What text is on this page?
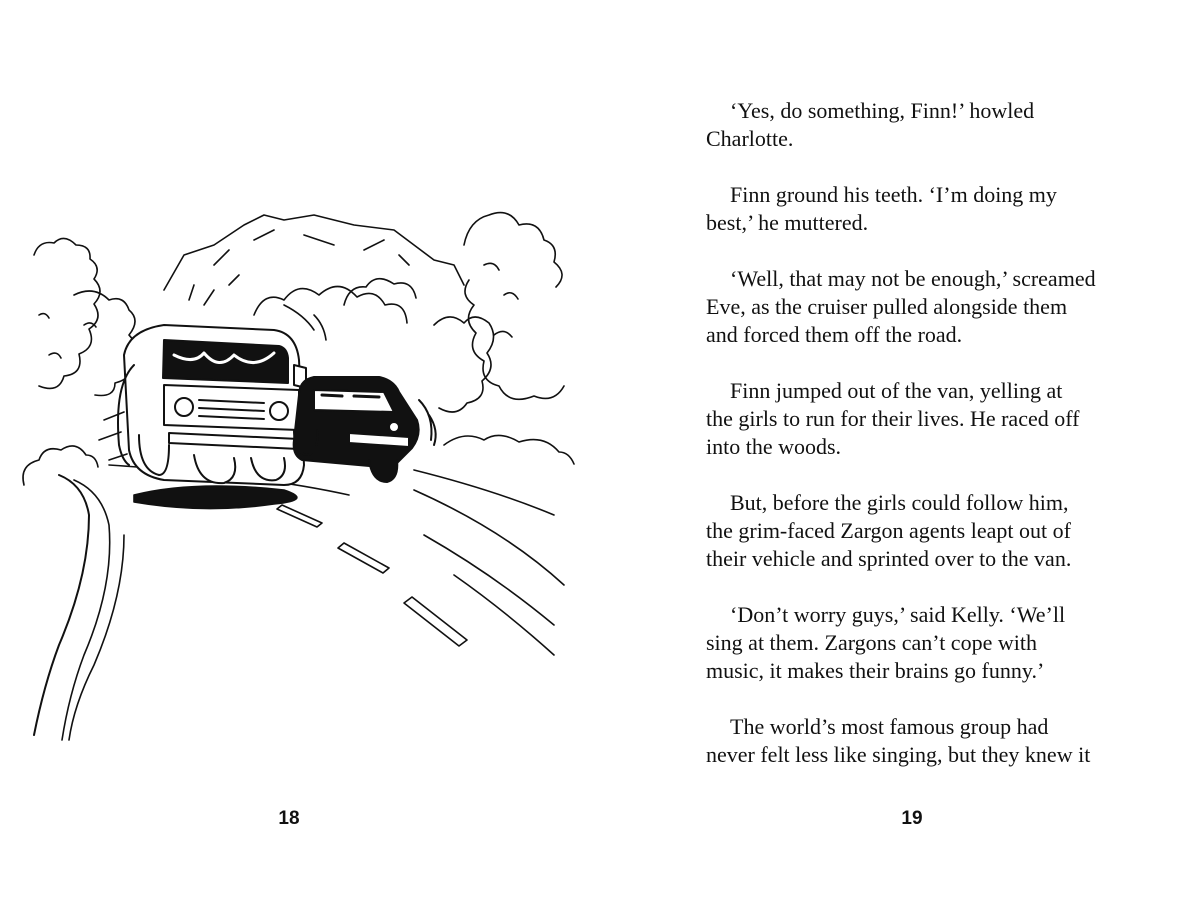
18

‘Yes, do something, Finn!’ howled
Charlotte.

Finn ground his teeth. ‘I’m doing my
best,’ he muttered.

‘Well, that may not be enough,’ screamed
Eve, as the cruiser pulled alongside them
and forced them off the road.

Finn jumped out of the van, yelling at
the girls to run for their lives. He raced off
into the woods.

But, before the girls could follow him,
the grim-faced Zargon agents leapt out of
their vehicle and sprinted over to the van.

‘Don’t worry guys,’ said Kelly. ‘We’ll
sing at them. Zargons can’t cope with
music, it makes their brains go funny.’

The world’s most famous group had
never felt less like singing, but they knew it

19
